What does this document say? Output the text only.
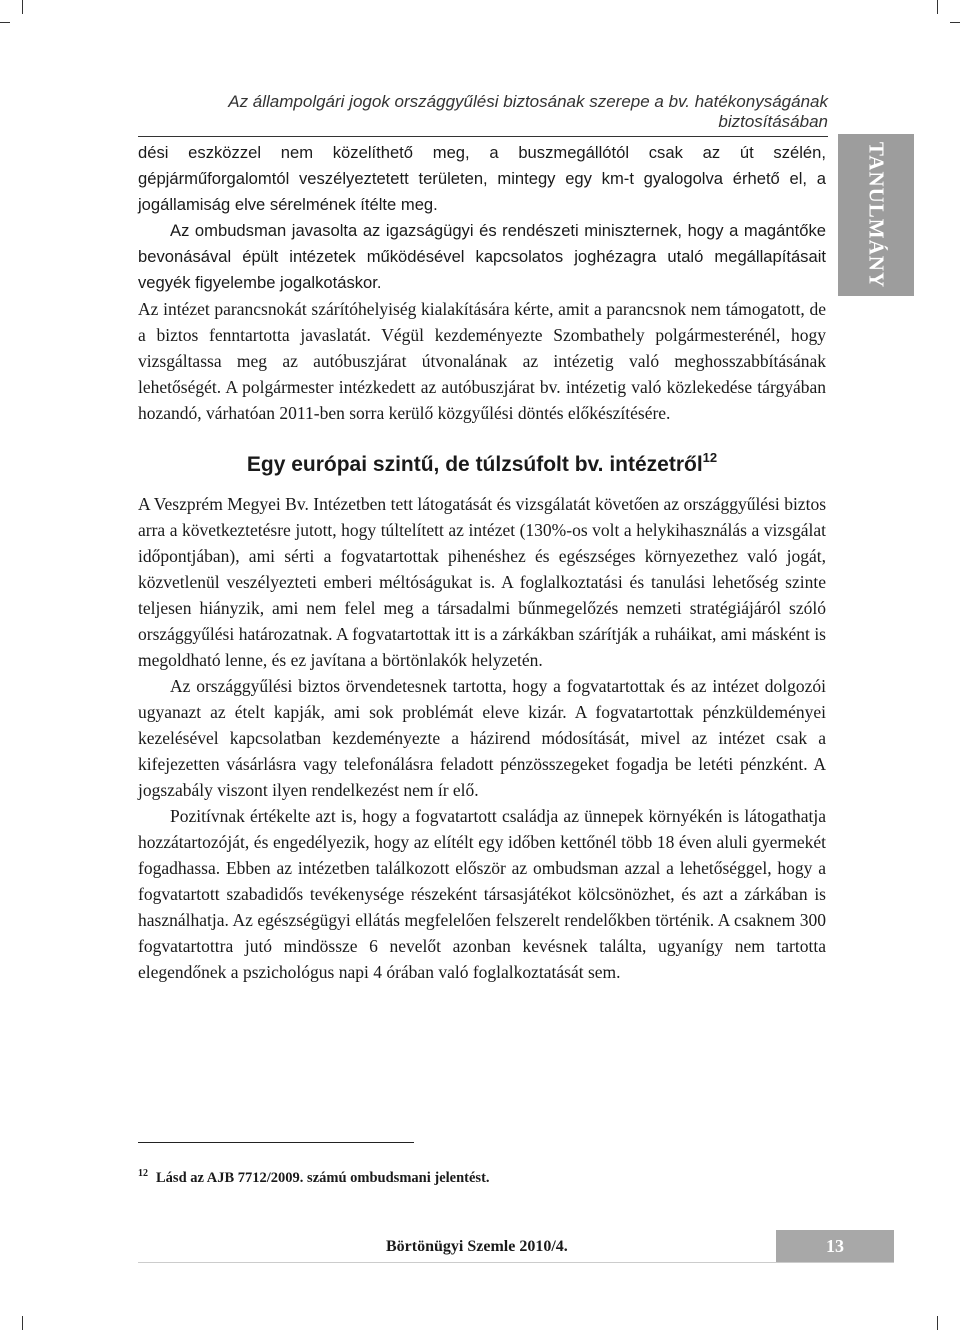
Az állampolgári jogok országgyűlési biztosának szerepe a bv. hatékonyságának biztosításában
TANULMÁNY

dési eszközzel nem közelíthető meg, a buszmegállótól csak az út szélén, gépjárműforgalomtól veszélyeztetett területen, mintegy egy km-t gyalogolva érhető el, a jogállamiság elve sérelmének ítélte meg.

Az ombudsman javasolta az igazságügyi és rendészeti miniszternek, hogy a magántőke bevonásával épült intézetek működésével kapcsolatos joghézagra utaló megállapításait vegyék figyelembe jogalkotáskor.

Az intézet parancsnokát szárítóhelyiség kialakítására kérte, amit a parancsnok nem támogatott, de a biztos fenntartotta javaslatát. Végül kezdeményezte Szombathely polgármesterénél, hogy vizsgáltassa meg az autóbuszjárat útvonalának az intézetig való meghosszabbításának lehetőségét. A polgármester intézkedett az autóbuszjárat bv. intézetig való közlekedése tárgyában hozandó, várhatóan 2011-ben sorra kerülő közgyűlési döntés előkészítésére.

Egy európai szintű, de túlzsúfolt bv. intézetről$^{12}$

A Veszprém Megyei Bv. Intézetben tett látogatását és vizsgálatát követően az országgyűlési biztos arra a következtetésre jutott, hogy túltelített az intézet (130%-os volt a helykihasználás a vizsgálat időpontjában), ami sérti a fogvatartottak pihenéshez és egészséges környezethez való jogát, közvetlenül veszélyezteti emberi méltóságukat is. A foglalkoztatási és tanulási lehetőség szinte teljesen hiányzik, ami nem felel meg a társadalmi bűnmegelőzés nemzeti stratégiájáról szóló országgyűlési határozatnak. A fogvatartottak itt is a zárkákban szárítják a ruháikat, ami másként is megoldható lenne, és ez javítana a börtönlakók helyzetén.

Az országgyűlési biztos örvendetesnek tartotta, hogy a fogvatartottak és az intézet dolgozói ugyanazt az ételt kapják, ami sok problémát eleve kizár. A fogvatartottak pénzküldeményei kezelésével kapcsolatban kezdeményezte a házirend módosítását, mivel az intézet csak a kifejezetten vásárlásra vagy telefonálásra feladott pénzösszegeket fogadja be letéti pénzként. A jogszabály viszont ilyen rendelkezést nem ír elő.

Pozitívnak értékelte azt is, hogy a fogvatartott családja az ünnepek környékén is látogathatja hozzátartozóját, és engedélyezik, hogy az elítélt egy időben kettőnél több 18 éven aluli gyermekét fogadhassa. Ebben az intézetben találkozott először az ombudsman azzal a lehetőséggel, hogy a fogvatartott szabadidős tevékenysége részeként társasjátékot kölcsönözhet, és azt a zárkában is használhatja. Az egészségügyi ellátás megfelelően felszerelt rendelőkben történik. A csaknem 300 fogvatartottra jutó mindössze 6 nevelőt azonban kevésnek találta, ugyanígy nem tartotta elegendőnek a pszichológus napi 4 órában való foglalkoztatását sem.

$^{12}$ Lásd az AJB 7712/2009. számú ombudsmani jelentést.
Börtönügyi Szemle 2010/4.	13
